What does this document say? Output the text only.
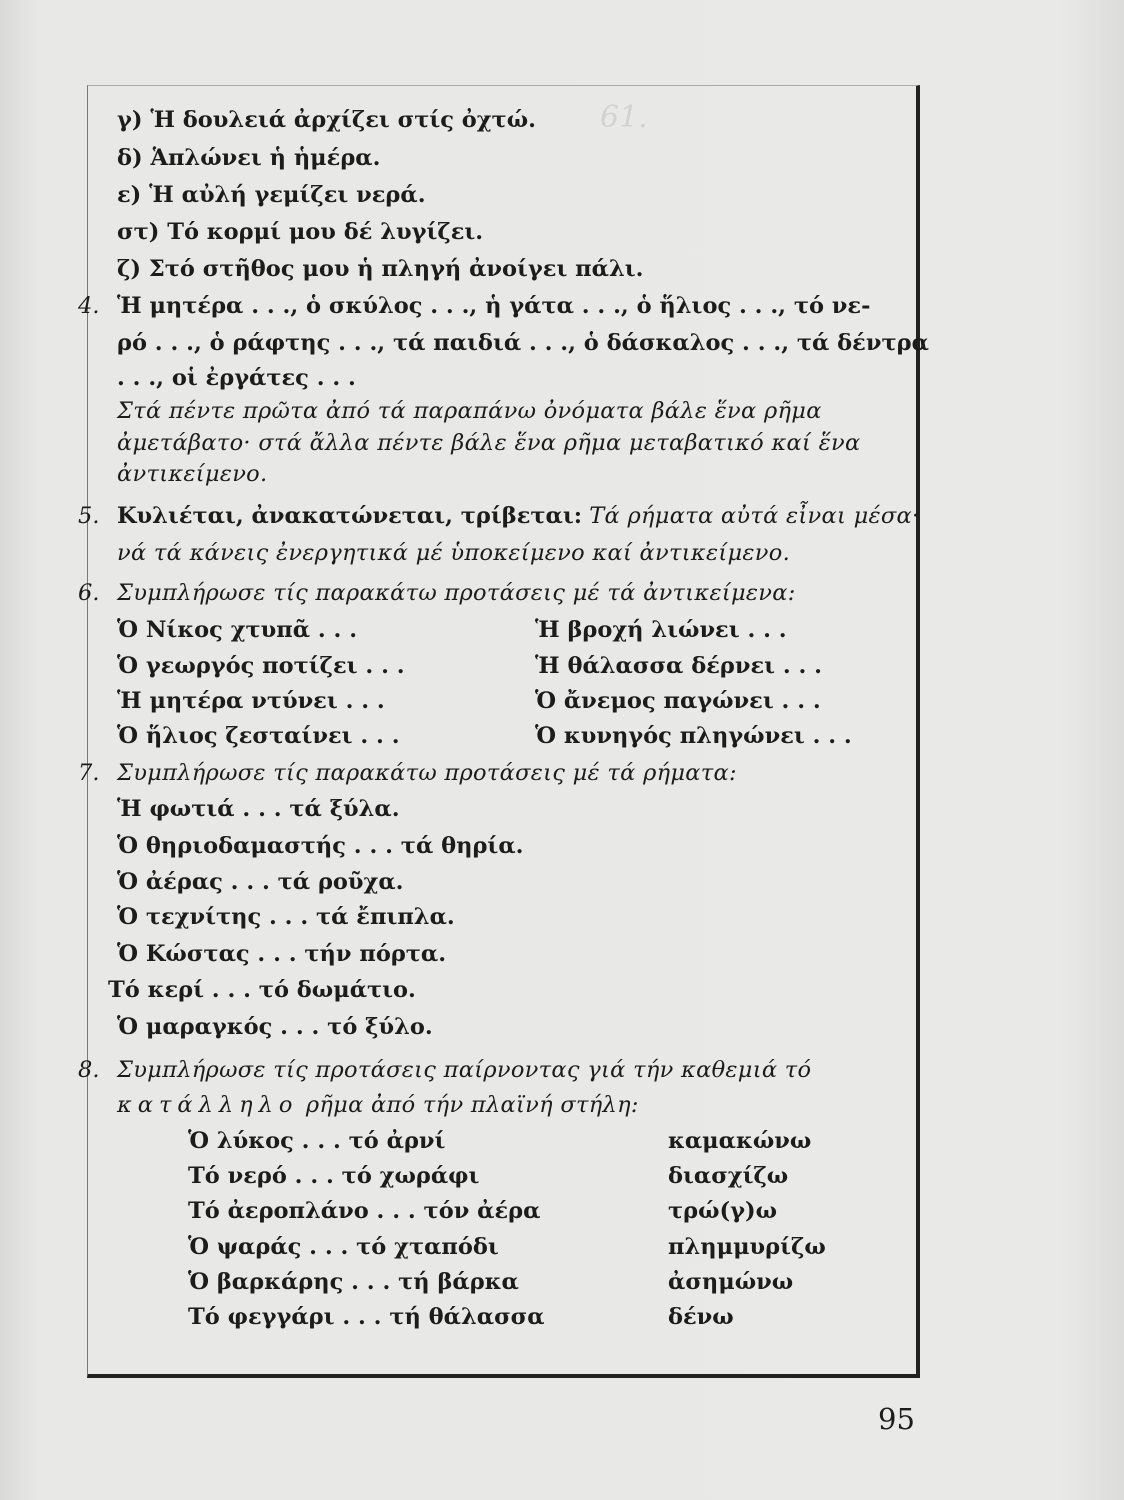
61.
γ) Ἡ δουλειά ἀρχίζει στίς ὀχτώ.
δ) Ἁπλώνει ἡ ἡμέρα.
ε) Ἡ αὐλή γεμίζει νερά.
στ) Τό κορμί μου δέ λυγίζει.
ζ) Στό στῆθος μου ἡ πληγή ἀνοίγει πάλι.
4. Ἡ μητέρα . . ., ὁ σκύλος . . ., ἡ γάτα . . ., ὁ ἥλιος . . ., τό νε-
ρό . . ., ὁ ράφτης . . ., τά παιδιά . . ., ὁ δάσκαλος . . ., τά δέντρα
. . ., οἱ ἐργάτες . . .
Στά πέντε πρῶτα ἀπό τά παραπάνω ὀνόματα βάλε ἕνα ρῆμα
ἀμετάβατο· στά ἄλλα πέντε βάλε ἕνα ρῆμα μεταβατικό καί ἕνα
ἀντικείμενο.
5. Κυλιέται, ἀνακατώνεται, τρίβεται: Τά ρήματα αὐτά εἶναι μέσα·
νά τά κάνεις ἐνεργητικά μέ ὑποκείμενο καί ἀντικείμενο.
6. Συμπλήρωσε τίς παρακάτω προτάσεις μέ τά ἀντικείμενα:
Ὁ Νίκος χτυπᾶ . . .
Ὁ γεωργός ποτίζει . . .
Ἡ μητέρα ντύνει . . .
Ὁ ἥλιος ζεσταίνει . . .
Ἡ βροχή λιώνει . . .
Ἡ θάλασσα δέρνει . . .
Ὁ ἄνεμος παγώνει . . .
Ὁ κυνηγός πληγώνει . . .
7. Συμπλήρωσε τίς παρακάτω προτάσεις μέ τά ρήματα:
Ἡ φωτιά . . . τά ξύλα.
Ὁ θηριοδαμαστής . . . τά θηρία.
Ὁ ἀέρας . . . τά ροῦχα.
Ὁ τεχνίτης . . . τά ἔπιπλα.
Ὁ Κώστας . . . τήν πόρτα.
Τό κερί . . . τό δωμάτιο.
Ὁ μαραγκός . . . τό ξύλο.
8. Συμπλήρωσε τίς προτάσεις παίρνοντας γιά τήν καθεμιά τό
κατάλληλο ρῆμα ἀπό τήν πλαϊνή στήλη:
Ὁ λύκος . . . τό ἀρνί
Τό νερό . . . τό χωράφι
Τό ἀεροπλάνο . . . τόν ἀέρα
Ὁ ψαράς . . . τό χταπόδι
Ὁ βαρκάρης . . . τή βάρκα
Τό φεγγάρι . . . τή θάλασσα
καμακώνω
διασχίζω
τρώ(γ)ω
πλημμυρίζω
ἀσημώνω
δένω
95
